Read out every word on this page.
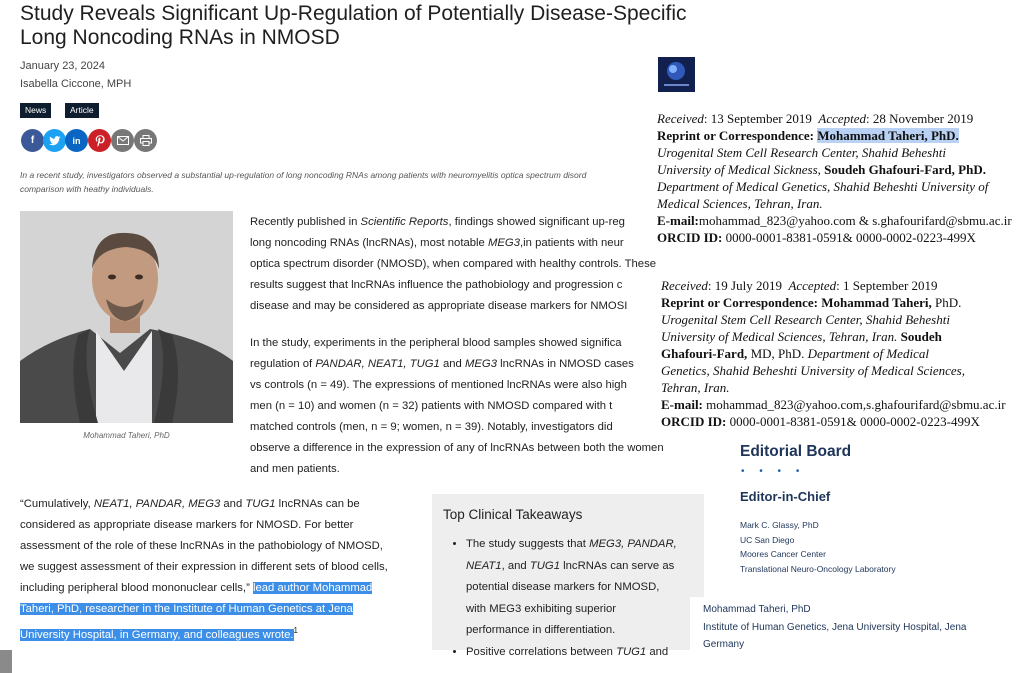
Study Reveals Significant Up-Regulation of Potentially Disease-Specific
Long Noncoding RNAs in NMOSD
January 23, 2024
Isabella Ciccone, MPH
News	Article
f	in
In a recent study, investigators observed a substantial up-regulation of long noncoding RNAs among patients with neuromyelitis optica spectrum disord
comparison with heathy individuals.
Mohammad Taheri, PhD

Recently published in Scientific Reports, findings showed significant up-reg

long noncoding RNAs (lncRNAs), most notable MEG3,in patients with neur

optica spectrum disorder (NMOSD), when compared with healthy controls. These

results suggest that lncRNAs influence the pathobiology and progression c

disease and may be considered as appropriate disease markers for NMOSI

In the study, experiments in the peripheral blood samples showed significa

regulation of PANDAR, NEAT1, TUG1 and MEG3 lncRNAs in NMOSD cases

vs controls (n = 49). The expressions of mentioned lncRNAs were also high

men (n = 10) and women (n = 32) patients with NMOSD compared with t

matched controls (men, n = 9; women, n = 39). Notably, investigators did

observe a difference in the expression of any of lncRNAs between both the women

and men patients.

“Cumulatively, NEAT1, PANDAR, MEG3 and TUG1 lncRNAs can be
considered as appropriate disease markers for NMOSD. For better
assessment of the role of these lncRNAs in the pathobiology of NMOSD,
we suggest assessment of their expression in different sets of blood cells,
including peripheral blood mononuclear cells,” lead author Mohammad
Taheri, PhD, researcher in the Institute of Human Genetics at Jena
University Hospital, in Germany, and colleagues wrote.$^1$
Top Clinical Takeaways
• The study suggests that MEG3, PANDAR,
NEAT1, and TUG1 lncRNAs can serve as
potential disease markers for NMOSD,
with MEG3 exhibiting superior
performance in differentiation.
• Positive correlations between TUG1 and
Received: 13 September 2019 Accepted: 28 November 2019
Reprint or Correspondence: Mohammad Taheri, PhD.
Urogenital Stem Cell Research Center, Shahid Beheshti
University of Medical Sickness, Soudeh Ghafouri-Fard, PhD.
Department of Medical Genetics, Shahid Beheshti University of
Medical Sciences, Tehran, Iran.
E-mail:mohammad_823@yahoo.com & s.ghafourifard@sbmu.ac.ir
ORCID ID: 0000-0001-8381-0591& 0000-0002-0223-499X
Received: 19 July 2019 Accepted: 1 September 2019
Reprint or Correspondence: Mohammad Taheri, PhD.
Urogenital Stem Cell Research Center, Shahid Beheshti
University of Medical Sciences, Tehran, Iran. Soudeh
Ghafouri-Fard, MD, PhD. Department of Medical
Genetics, Shahid Beheshti University of Medical Sciences,
Tehran, Iran.
E-mail: mohammad_823@yahoo.com,s.ghafourifard@sbmu.ac.ir
ORCID ID: 0000-0001-8381-0591& 0000-0002-0223-499X
Editorial Board
• • • •
Editor-in-Chief
Mark C. Glassy, PhD
UC San Diego
Moores Cancer Center
Translational Neuro-Oncology Laboratory
Mohammad Taheri, PhD
Institute of Human Genetics, Jena University Hospital, Jena
Germany
